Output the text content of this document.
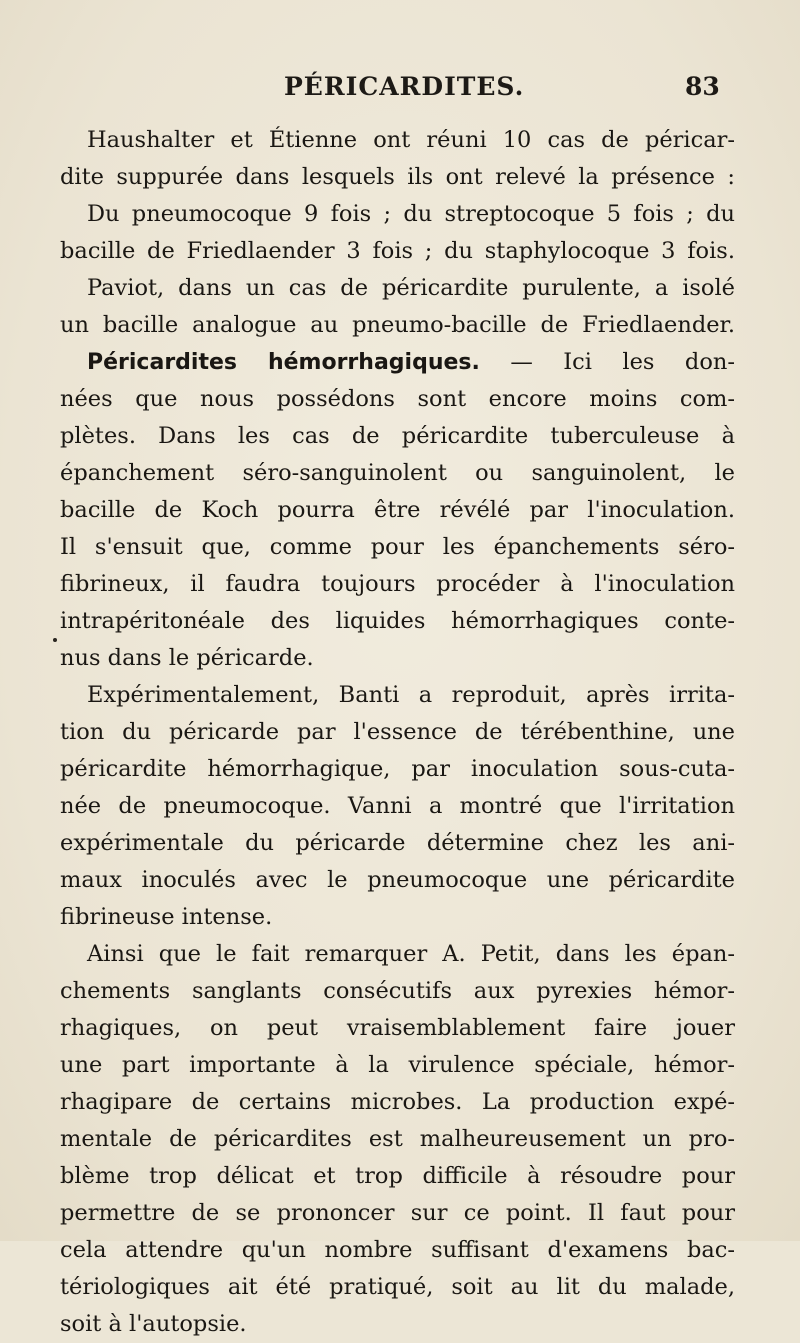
PÉRICARDITES.	83
Haushalter et Étienne ont réuni 10 cas de péricar-
dite suppurée dans lesquels ils ont relevé la présence :
Du pneumocoque 9 fois ; du streptocoque 5 fois ; du
bacille de Friedlaender 3 fois ; du staphylocoque 3 fois.
Paviot, dans un cas de péricardite purulente, a isolé
un bacille analogue au pneumo-bacille de Friedlaender.
Péricardites hémorrhagiques. — Ici les don-
nées que nous possédons sont encore moins com-
plètes. Dans les cas de péricardite tuberculeuse à
épanchement séro-sanguinolent ou sanguinolent, le
bacille de Koch pourra être révélé par l'inoculation.
Il s'ensuit que, comme pour les épanchements séro-
fibrineux, il faudra toujours procéder à l'inoculation
intrapéritonéale des liquides hémorrhagiques conte-
nus dans le péricarde.
Expérimentalement, Banti a reproduit, après irrita-
tion du péricarde par l'essence de térébenthine, une
péricardite hémorrhagique, par inoculation sous-cuta-
née de pneumocoque. Vanni a montré que l'irritation
expérimentale du péricarde détermine chez les ani-
maux inoculés avec le pneumocoque une péricardite
fibrineuse intense.
Ainsi que le fait remarquer A. Petit, dans les épan-
chements sanglants consécutifs aux pyrexies hémor-
rhagiques, on peut vraisemblablement faire jouer
une part importante à la virulence spéciale, hémor-
rhagipare de certains microbes. La production expé-
mentale de péricardites est malheureusement un pro-
blème trop délicat et trop difficile à résoudre pour
permettre de se prononcer sur ce point. Il faut pour
cela attendre qu'un nombre suffisant d'examens bac-
tériologiques ait été pratiqué, soit au lit du malade,
soit à l'autopsie.
